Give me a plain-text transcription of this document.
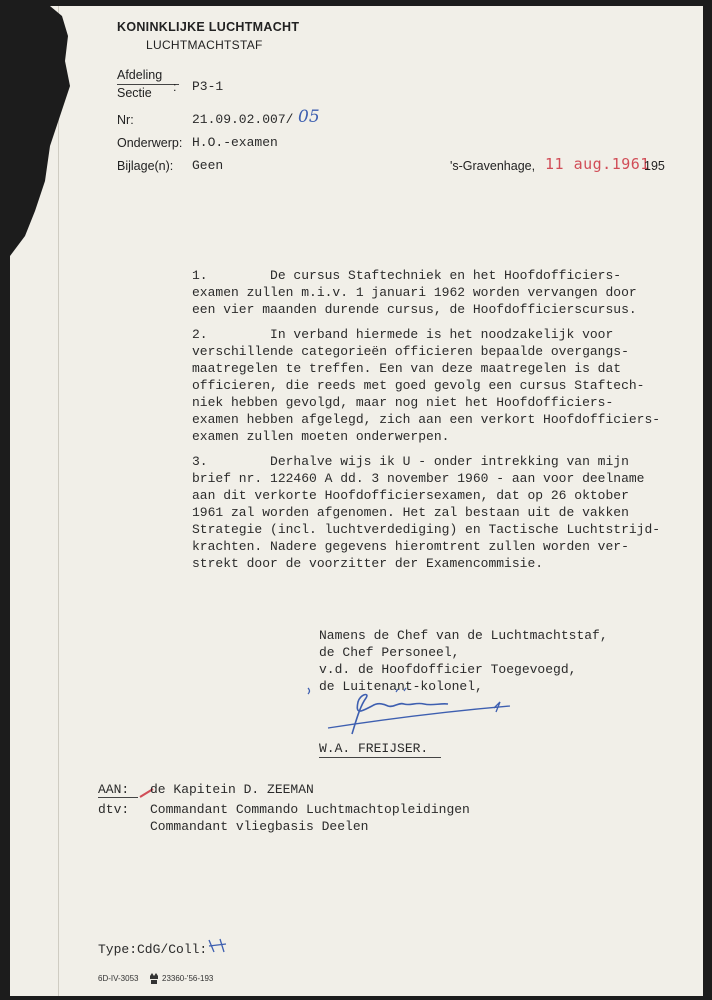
KONINKLIJKE LUCHTMACHT
LUCHTMACHTSTAF
Afdeling
Sectie : P3-1
Nr:	21.09.02.007/ 05
Onderwerp: H.O.-examen
Bijlage(n): Geen	's-Gravenhage, 11 aug.1961
195
1.        De cursus Staftechniek en het Hoofdofficiers-
examen zullen m.i.v. 1 januari 1962 worden vervangen door
een vier maanden durende cursus, de Hoofdofficierscursus.
2.        In verband hiermede is het noodzakelijk voor
verschillende categorieën officieren bepaalde overgangs-
maatregelen te treffen. Een van deze maatregelen is dat
officieren, die reeds met goed gevolg een cursus Staftech-
niek hebben gevolgd, maar nog niet het Hoofdofficiers-
examen hebben afgelegd, zich aan een verkort Hoofdofficiers-
examen zullen moeten onderwerpen.
3.        Derhalve wijs ik U - onder intrekking van mijn
brief nr. 122460 A dd. 3 november 1960 - aan voor deelname
aan dit verkorte Hoofdofficiersexamen, dat op 26 oktober
1961 zal worden afgenomen. Het zal bestaan uit de vakken
Strategie (incl. luchtverdediging) en Tactische Luchtstrijd-
krachten. Nadere gegevens hieromtrent zullen worden ver-
strekt door de voorzitter der Examencommisie.
Namens de Chef van de Luchtmachtstaf,
de Chef Personeel,
v.d. de Hoofdofficier Toegevoegd,
de Luitenant-kolonel,
W.A. FREIJSER.
AAN: de Kapitein D. ZEEMAN
dtv: Commandant Commando Luchtmachtopleidingen
Commandant vliegbasis Deelen
Type:CdG/Coll:
6D-IV-3053	23360-'56-193
